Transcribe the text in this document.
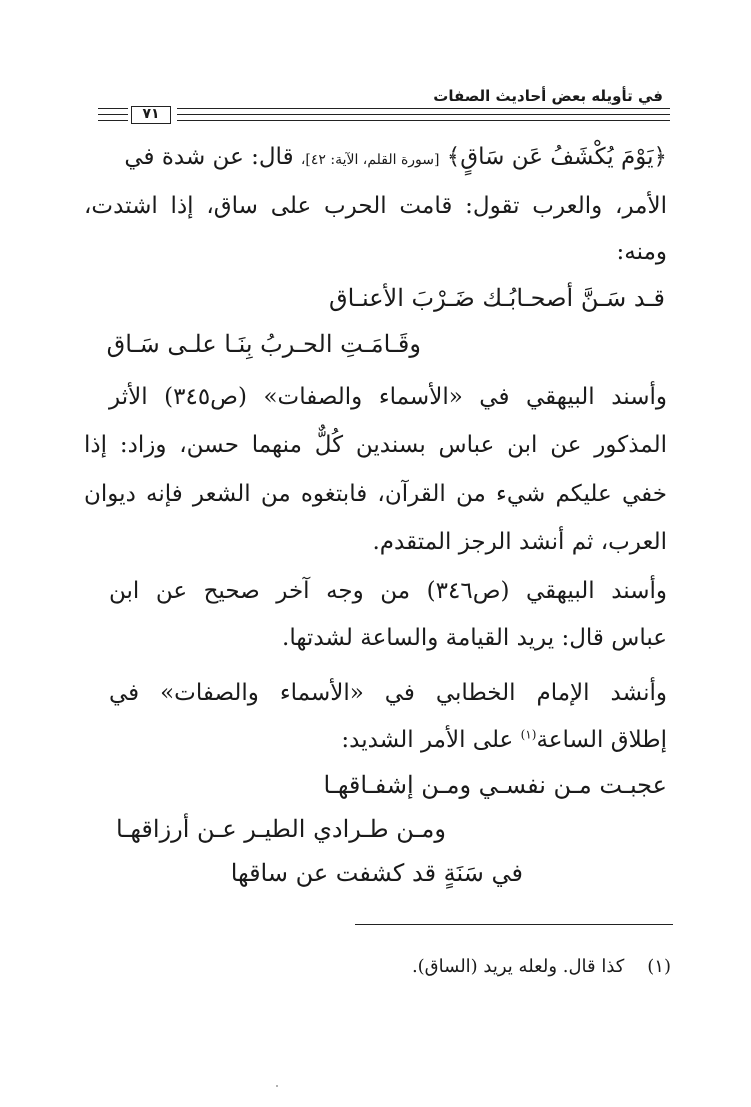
في تأويله بعض أحاديث الصفات
٧١
﴿يَوْمَ يُكْشَفُ عَن سَاقٍ﴾ [سورة القلم، الآية: ٤٢]، قال: عن شدة في
الأمر، والعرب تقول: قامت الحرب على ساق، إذا اشتدت،
ومنه:
قـد سَـنَّ أصحـابُـك ضَـرْبَ الأعنـاق
وقَـامَـتِ الحـربُ بِنَـا علـى سَـاق
وأسند البيهقي في «الأسماء والصفات» (ص٣٤٥) الأثر
المذكور عن ابن عباس بسندين كُلٌّ منهما حسن، وزاد: إذا
خفي عليكم شيء من القرآن، فابتغوه من الشعر فإنه ديوان
العرب، ثم أنشد الرجز المتقدم.
وأسند البيهقي (ص٣٤٦) من وجه آخر صحيح عن ابن
عباس قال: يريد القيامة والساعة لشدتها.
وأنشد الإمام الخطابي في «الأسماء والصفات» في
إطلاق الساعة$^{(١)}$ على الأمر الشديد:
عجبـت مـن نفسـي ومـن إشفـاقهـا
ومـن طـرادي الطيـر عـن أرزاقهـا
في سَنَةٍ قد كشفت عن ساقها
(١)    كذا قال. ولعله يريد (الساق).
